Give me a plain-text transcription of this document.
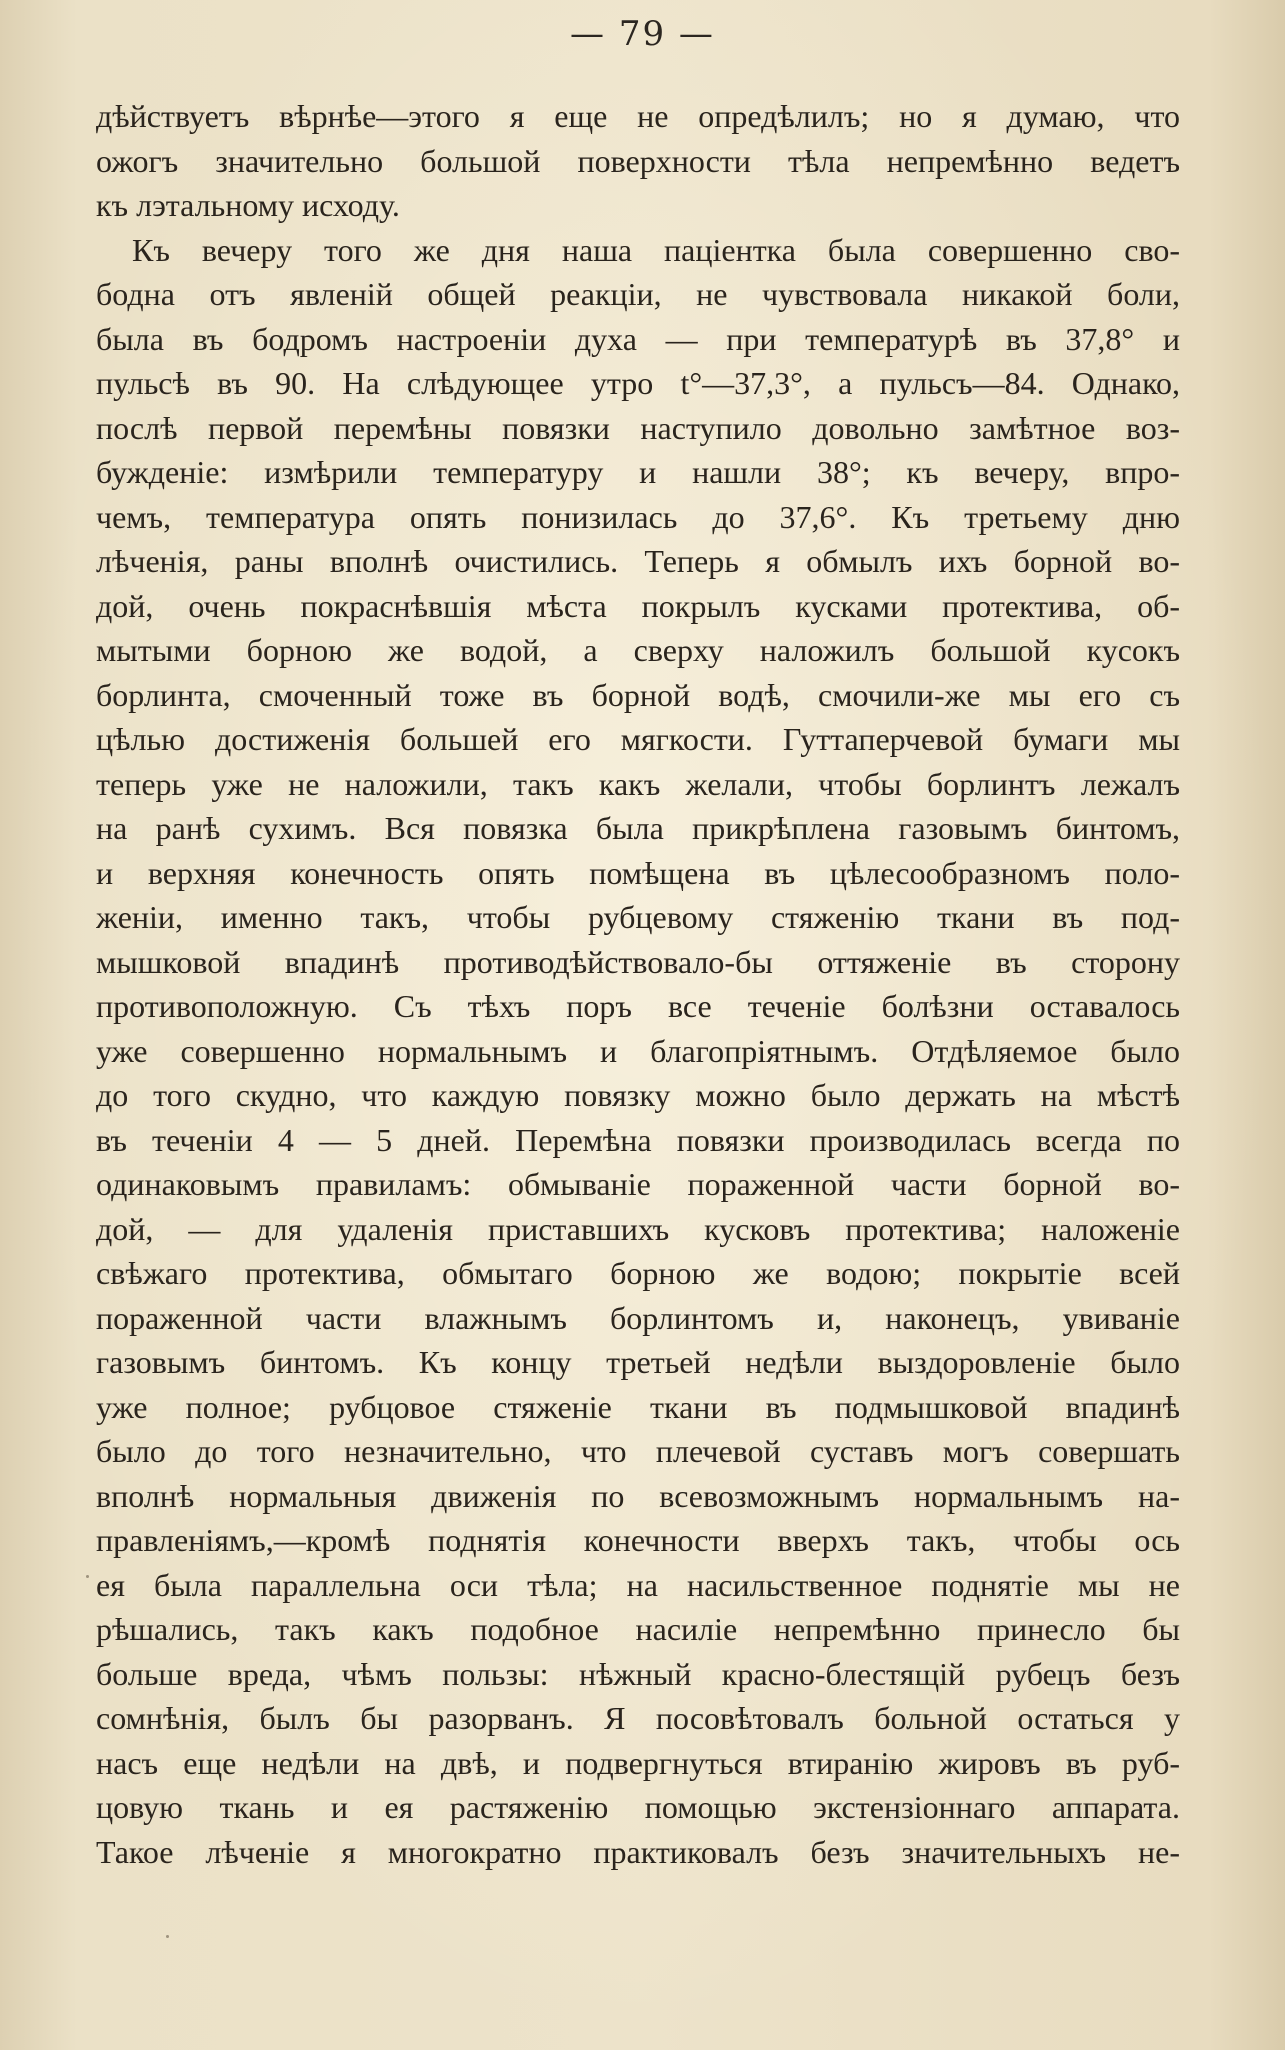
— 79 —
дѣйствуетъ вѣрнѣе—этого я еще не опредѣлилъ; но я думаю, что
ожогъ значительно большой поверхности тѣла непремѣнно ведетъ
къ лэтальному исходу.
Къ вечеру того же дня наша паціентка была совершенно сво-
бодна отъ явленій общей реакціи, не чувствовала никакой боли,
была въ бодромъ настроеніи духа — при температурѣ въ 37,8° и
пульсѣ въ 90. На слѣдующее утро t°—37,3°, а пульсъ—84. Однако,
послѣ первой перемѣны повязки наступило довольно замѣтное воз-
бужденіе: измѣрили температуру и нашли 38°; къ вечеру, впро-
чемъ, температура опять понизилась до 37,6°. Къ третьему дню
лѣченія, раны вполнѣ очистились. Теперь я обмылъ ихъ борной во-
дой, очень покраснѣвшія мѣста покрылъ кусками протектива, об-
мытыми борною же водой, а сверху наложилъ большой кусокъ
борлинта, смоченный тоже въ борной водѣ, смочили-же мы его съ
цѣлью достиженія большей его мягкости. Гуттаперчевой бумаги мы
теперь уже не наложили, такъ какъ желали, чтобы борлинтъ лежалъ
на ранѣ сухимъ. Вся повязка была прикрѣплена газовымъ бинтомъ,
и верхняя конечность опять помѣщена въ цѣлесообразномъ поло-
женіи, именно такъ, чтобы рубцевому стяженію ткани въ под-
мышковой впадинѣ противодѣйствовало-бы оттяженіе въ сторону
противоположную. Съ тѣхъ поръ все теченіе болѣзни оставалось
уже совершенно нормальнымъ и благопріятнымъ. Отдѣляемое было
до того скудно, что каждую повязку можно было держать на мѣстѣ
въ теченіи 4 — 5 дней. Перемѣна повязки производилась всегда по
одинаковымъ правиламъ: обмываніе пораженной части борной во-
дой, — для удаленія приставшихъ кусковъ протектива; наложеніе
свѣжаго протектива, обмытаго борною же водою; покрытіе всей
пораженной части влажнымъ борлинтомъ и, наконецъ, увиваніе
газовымъ бинтомъ. Къ концу третьей недѣли выздоровленіе было
уже полное; рубцовое стяженіе ткани въ подмышковой впадинѣ
было до того незначительно, что плечевой суставъ могъ совершать
вполнѣ нормальныя движенія по всевозможнымъ нормальнымъ на-
правленіямъ,—кромѣ поднятія конечности вверхъ такъ, чтобы ось
ея была параллельна оси тѣла; на насильственное поднятіе мы не
рѣшались, такъ какъ подобное насиліе непремѣнно принесло бы
больше вреда, чѣмъ пользы: нѣжный красно-блестящій рубецъ безъ
сомнѣнія, былъ бы разорванъ. Я посовѣтовалъ больной остаться у
насъ еще недѣли на двѣ, и подвергнуться втиранію жировъ въ руб-
цовую ткань и ея растяженію помощью экстензіоннаго аппарата.
Такое лѣченіе я многократно практиковалъ безъ значительныхъ не-
